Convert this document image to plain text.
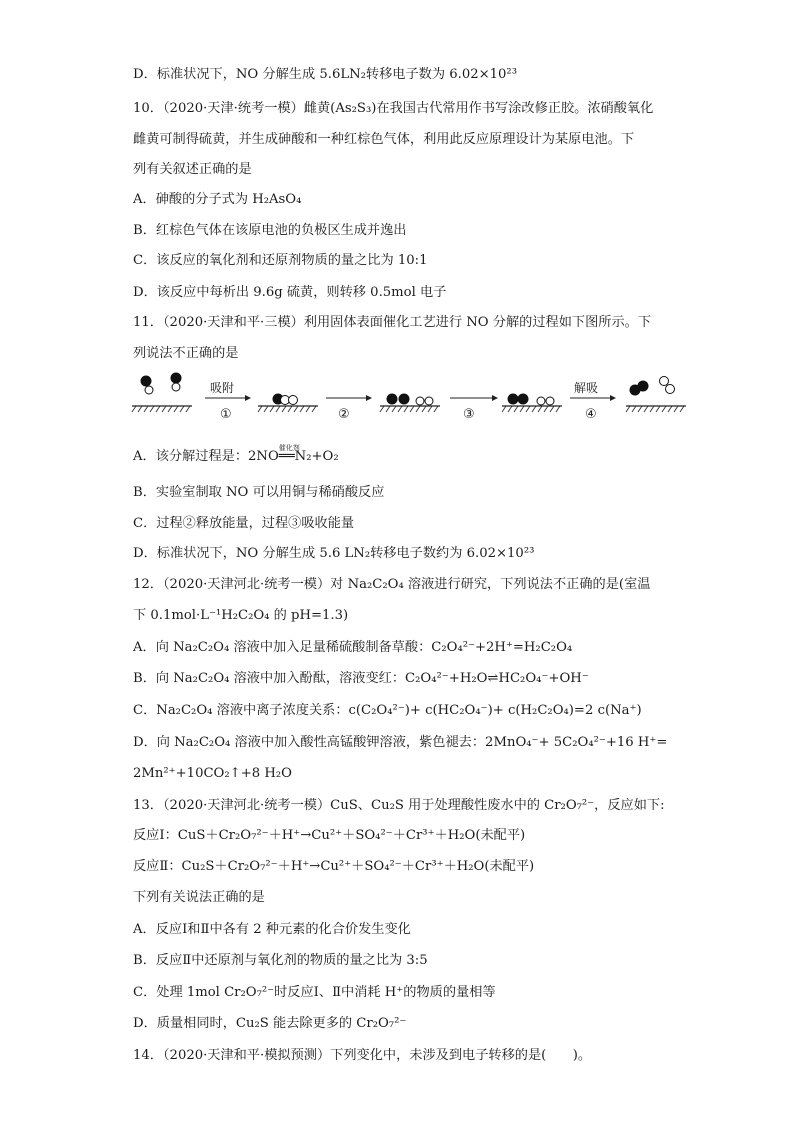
D．标准状况下，NO 分解生成 5.6LN₂转移电子数为 6.02×10²³
10．（2020·天津·统考一模）雌黄(As₂S₃)在我国古代常用作书写涂改修正胶。浓硝酸氧化
雌黄可制得硫黄，并生成砷酸和一种红棕色气体，利用此反应原理设计为某原电池。下
列有关叙述正确的是
A．砷酸的分子式为 H₂AsO₄
B．红棕色气体在该原电池的负极区生成并逸出
C．该反应的氧化剂和还原剂物质的量之比为 10:1
D．该反应中每析出 9.6g 硫黄，则转移 0.5mol 电子
11．（2020·天津和平·三模）利用固体表面催化工艺进行 NO 分解的过程如下图所示。下
列说法不正确的是
吸附
①	②	③
解吸
④
A．该分解过程是：2NO
催化剂
══N₂+O₂
B．实验室制取 NO 可以用铜与稀硝酸反应
C．过程②释放能量，过程③吸收能量
D．标准状况下，NO 分解生成 5.6 LN₂转移电子数约为 6.02×10²³
12．（2020·天津河北·统考一模）对 Na₂C₂O₄ 溶液进行研究，下列说法不正确的是(室温
下 0.1mol·L⁻¹H₂C₂O₄ 的 pH=1.3)
A．向 Na₂C₂O₄ 溶液中加入足量稀硫酸制备草酸：C₂O₄²⁻+2H⁺=H₂C₂O₄
B．向 Na₂C₂O₄ 溶液中加入酚酞，溶液变红：C₂O₄²⁻+H₂O⇌HC₂O₄⁻+OH⁻
C．Na₂C₂O₄ 溶液中离子浓度关系：c(C₂O₄²⁻)+ c(HC₂O₄⁻)+ c(H₂C₂O₄)=2 c(Na⁺)
D．向 Na₂C₂O₄ 溶液中加入酸性高锰酸钾溶液，紫色褪去：2MnO₄⁻+ 5C₂O₄²⁻+16 H⁺=
2Mn²⁺+10CO₂↑+8 H₂O
13．（2020·天津河北·统考一模）CuS、Cu₂S 用于处理酸性废水中的 Cr₂O₇²⁻，反应如下:
反应Ⅰ：CuS＋Cr₂O₇²⁻＋H⁺→Cu²⁺＋SO₄²⁻＋Cr³⁺＋H₂O(未配平)
反应Ⅱ：Cu₂S＋Cr₂O₇²⁻＋H⁺→Cu²⁺＋SO₄²⁻＋Cr³⁺＋H₂O(未配平)
下列有关说法正确的是
A．反应Ⅰ和Ⅱ中各有 2 种元素的化合价发生变化
B．反应Ⅱ中还原剂与氧化剂的物质的量之比为 3:5
C．处理 1mol Cr₂O₇²⁻时反应Ⅰ、Ⅱ中消耗 H⁺的物质的量相等
D．质量相同时，Cu₂S 能去除更多的 Cr₂O₇²⁻
14．（2020·天津和平·模拟预测）下列变化中，未涉及到电子转移的是(　　)。
